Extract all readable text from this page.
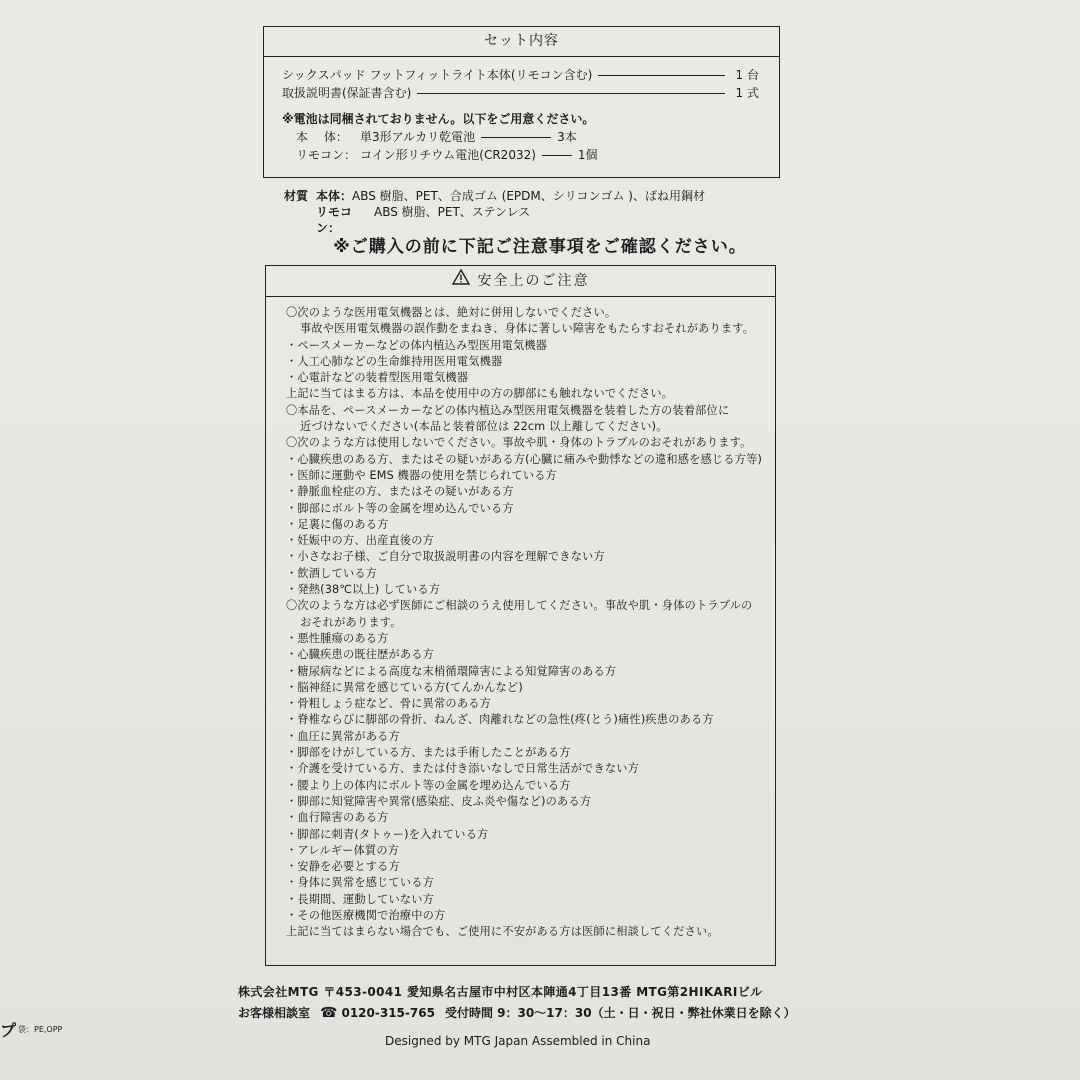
セット内容
シックスパッド フットフィットライト本体(リモコン含む)	1 台
取扱説明書(保証書含む)	1 式
※電池は同梱されておりません。以下をご用意ください。
本　 体：	単3形アルカリ乾電池	3本
リモコン： コイン形リチウム電池(CR2032)	1個
材質 本体： ABS 樹脂、PET、合成ゴム (EPDM、シリコンゴム )、ばね用鋼材
リモコン：
ABS 樹脂、PET、ステンレス
※ご購入の前に下記ご注意事項をご確認ください。
安全上のご注意
〇次のような医用電気機器とは、絶対に併用しないでください。
事故や医用電気機器の誤作動をまねき、身体に著しい障害をもたらすおそれがあります。
・ペースメーカーなどの体内植込み型医用電気機器
・人工心肺などの生命維持用医用電気機器
・心電計などの装着型医用電気機器
上記に当てはまる方は、本品を使用中の方の脚部にも触れないでください。
〇本品を、ペースメーカーなどの体内植込み型医用電気機器を装着した方の装着部位に
近づけないでください(本品と装着部位は 22cm 以上離してください)。
〇次のような方は使用しないでください。事故や肌・身体のトラブルのおそれがあります。
・心臓疾患のある方、またはその疑いがある方(心臓に痛みや動悸などの違和感を感じる方等)
・医師に運動や EMS 機器の使用を禁じられている方
・静脈血栓症の方、またはその疑いがある方
・脚部にボルト等の金属を埋め込んでいる方
・足裏に傷のある方
・妊娠中の方、出産直後の方
・小さなお子様、ご自分で取扱説明書の内容を理解できない方
・飲酒している方
・発熱(38℃以上) している方
〇次のような方は必ず医師にご相談のうえ使用してください。事故や肌・身体のトラブルの
おそれがあります。
・悪性腫瘍のある方
・心臓疾患の既往歴がある方
・糖尿病などによる高度な末梢循環障害による知覚障害のある方
・脳神経に異常を感じている方(てんかんなど)
・骨粗しょう症など、骨に異常のある方
・脊椎ならびに脚部の骨折、ねんざ、肉離れなどの急性(疼(とう)痛性)疾患のある方
・血圧に異常がある方
・脚部をけがしている方、または手術したことがある方
・介護を受けている方、または付き添いなしで日常生活ができない方
・腰より上の体内にボルト等の金属を埋め込んでいる方
・脚部に知覚障害や異常(感染症、皮ふ炎や傷など)のある方
・血行障害のある方
・脚部に刺青(タトゥー)を入れている方
・アレルギー体質の方
・安静を必要とする方
・身体に異常を感じている方
・長期間、運動していない方
・その他医療機関で治療中の方
上記に当てはまらない場合でも、ご使用に不安がある方は医師に相談してください。
株式会社MTG 〒453-0041 愛知県名古屋市中村区本陣通4丁目13番 MTG第2HIKARIビル
お客様相談室 ☎ 0120-315-765 受付時間 9：30～17：30（土・日・祝日・弊社休業日を除く）
Designed by MTG Japan Assembled in China
プ 袋：PE,OPP
